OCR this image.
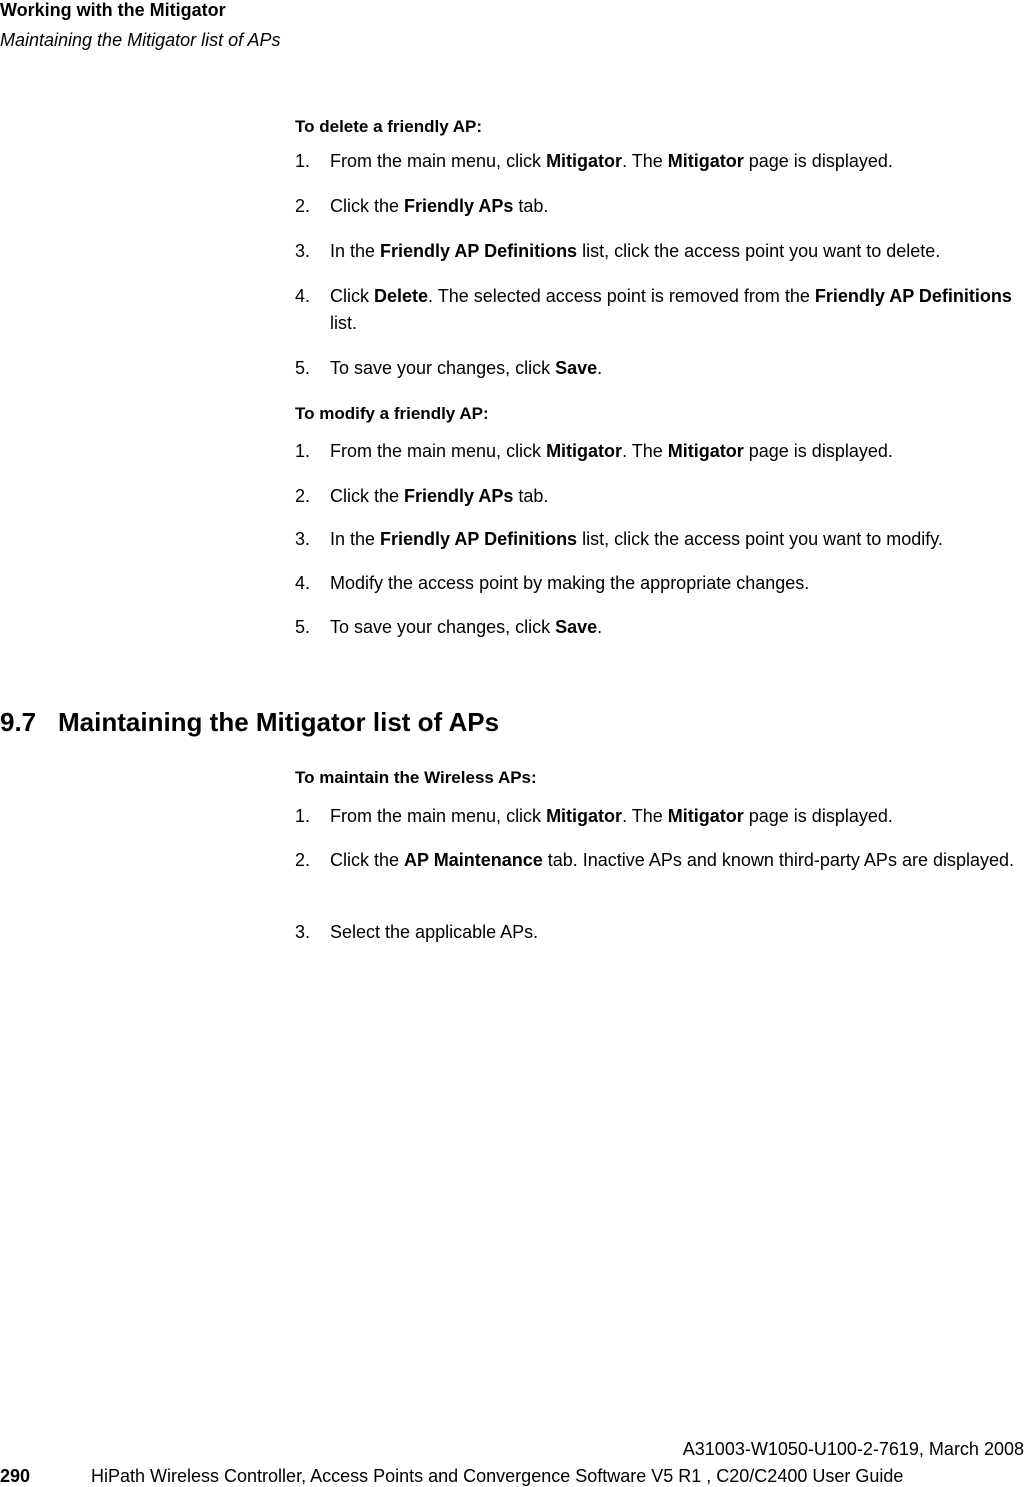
Working with the Mitigator
Maintaining the Mitigator list of APs
To delete a friendly AP:
1. From the main menu, click Mitigator. The Mitigator page is displayed.
2. Click the Friendly APs tab.
3. In the Friendly AP Definitions list, click the access point you want to delete.
4. Click Delete. The selected access point is removed from the Friendly AP Definitions list.
5. To save your changes, click Save.
To modify a friendly AP:
1. From the main menu, click Mitigator. The Mitigator page is displayed.
2. Click the Friendly APs tab.
3. In the Friendly AP Definitions list, click the access point you want to modify.
4. Modify the access point by making the appropriate changes.
5. To save your changes, click Save.
9.7 Maintaining the Mitigator list of APs
To maintain the Wireless APs:
1. From the main menu, click Mitigator. The Mitigator page is displayed.
2. Click the AP Maintenance tab. Inactive APs and known third-party APs are displayed.
3. Select the applicable APs.
A31003-W1050-U100-2-7619, March 2008
290	HiPath Wireless Controller, Access Points and Convergence Software V5 R1 , C20/C2400 User Guide
